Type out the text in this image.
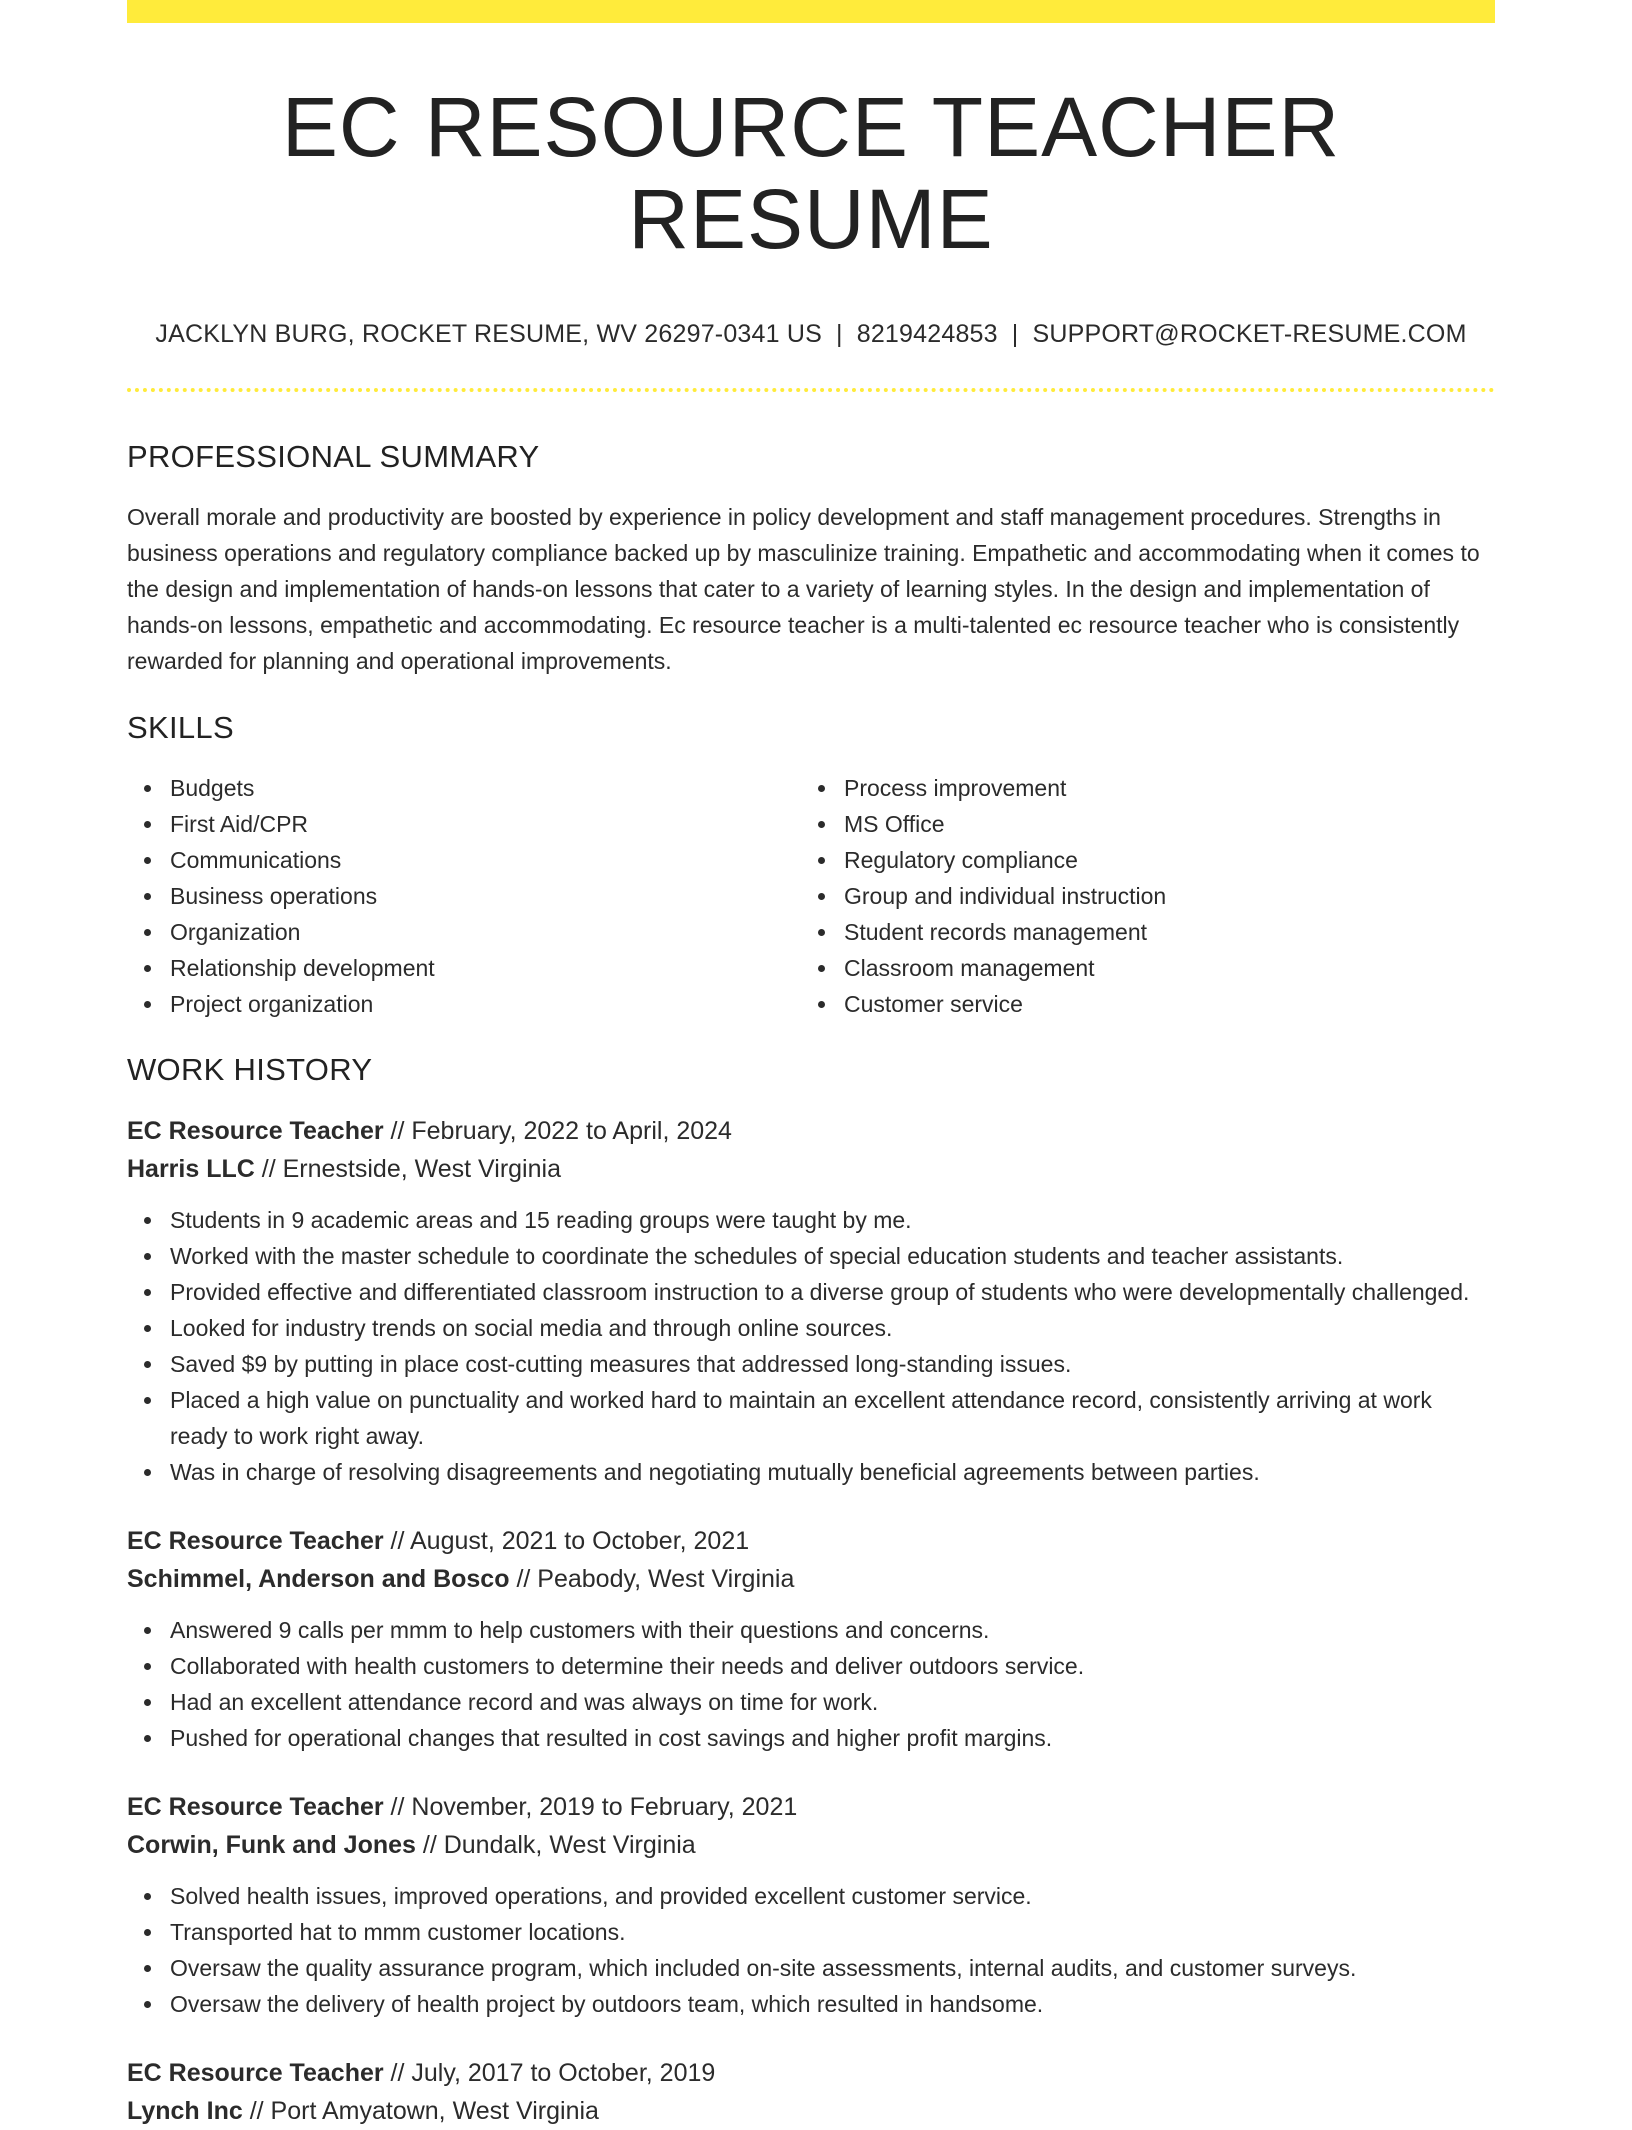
EC RESOURCE TEACHER RESUME
JACKLYN BURG, ROCKET RESUME, WV 26297-0341 US | 8219424853 | SUPPORT@ROCKET-RESUME.COM
PROFESSIONAL SUMMARY
Overall morale and productivity are boosted by experience in policy development and staff management procedures. Strengths in business operations and regulatory compliance backed up by masculinize training. Empathetic and accommodating when it comes to the design and implementation of hands-on lessons that cater to a variety of learning styles. In the design and implementation of hands-on lessons, empathetic and accommodating. Ec resource teacher is a multi-talented ec resource teacher who is consistently rewarded for planning and operational improvements.
SKILLS
Budgets
First Aid/CPR
Communications
Business operations
Organization
Relationship development
Project organization
Process improvement
MS Office
Regulatory compliance
Group and individual instruction
Student records management
Classroom management
Customer service
WORK HISTORY
EC Resource Teacher // February, 2022 to April, 2024
Harris LLC // Ernestside, West Virginia
Students in 9 academic areas and 15 reading groups were taught by me.
Worked with the master schedule to coordinate the schedules of special education students and teacher assistants.
Provided effective and differentiated classroom instruction to a diverse group of students who were developmentally challenged.
Looked for industry trends on social media and through online sources.
Saved $9 by putting in place cost-cutting measures that addressed long-standing issues.
Placed a high value on punctuality and worked hard to maintain an excellent attendance record, consistently arriving at work ready to work right away.
Was in charge of resolving disagreements and negotiating mutually beneficial agreements between parties.
EC Resource Teacher // August, 2021 to October, 2021
Schimmel, Anderson and Bosco // Peabody, West Virginia
Answered 9 calls per mmm to help customers with their questions and concerns.
Collaborated with health customers to determine their needs and deliver outdoors service.
Had an excellent attendance record and was always on time for work.
Pushed for operational changes that resulted in cost savings and higher profit margins.
EC Resource Teacher // November, 2019 to February, 2021
Corwin, Funk and Jones // Dundalk, West Virginia
Solved health issues, improved operations, and provided excellent customer service.
Transported hat to mmm customer locations.
Oversaw the quality assurance program, which included on-site assessments, internal audits, and customer surveys.
Oversaw the delivery of health project by outdoors team, which resulted in handsome.
EC Resource Teacher // July, 2017 to October, 2019
Lynch Inc // Port Amyatown, West Virginia
